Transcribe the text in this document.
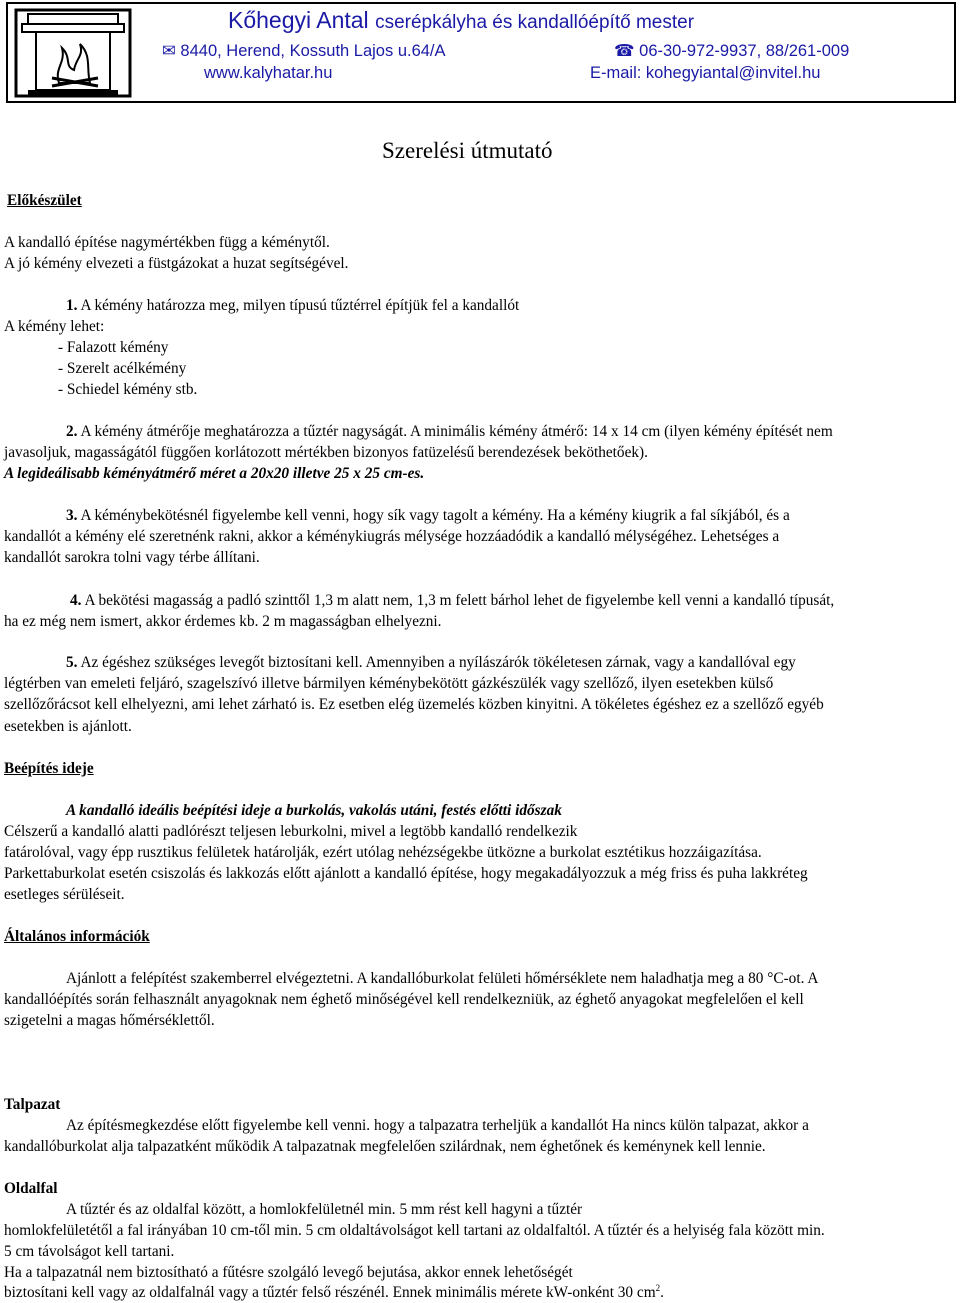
Kőhegyi Antal cserépkályha és kandallóépítő mester
✉ 8440, Herend, Kossuth Lajos u.64/A	☎ 06-30-972-9937, 88/261-009
www.kalyhatar.hu	E-mail: kohegyiantal@invitel.hu
Szerelési útmutató
Előkészület
A kandalló építése nagymértékben függ a kéménytől.
A jó kémény elvezeti a füstgázokat a huzat segítségével.
1. A kémény határozza meg, milyen típusú tűztérrel építjük fel a kandallót
A kémény lehet:
- Falazott kémény
- Szerelt acélkémény
- Schiedel kémény stb.
2. A kémény átmérője meghatározza a tűztér nagyságát. A minimális kémény átmérő: 14 x 14 cm (ilyen kémény építését nem
javasoljuk, magasságától függően korlátozott mértékben bizonyos fatüzelésű berendezések beköthetőek).
A legideálisabb kéményátmérő méret a 20x20 illetve 25 x 25 cm-es.
3. A kéménybekötésnél figyelembe kell venni, hogy sík vagy tagolt a kémény. Ha a kémény kiugrik a fal síkjából, és a
kandallót a kémény elé szeretnénk rakni, akkor a kéménykiugrás mélysége hozzáadódik a kandalló mélységéhez. Lehetséges a
kandallót sarokra tolni vagy térbe állítani.
4. A bekötési magasság a padló szinttől 1,3 m alatt nem, 1,3 m felett bárhol lehet de figyelembe kell venni a kandalló típusát,
ha ez még nem ismert, akkor érdemes kb. 2 m magasságban elhelyezni.
5. Az égéshez szükséges levegőt biztosítani kell. Amennyiben a nyílászárók tökéletesen zárnak, vagy a kandallóval egy
légtérben van emeleti feljáró, szagelszívó illetve bármilyen kéménybekötött gázkészülék vagy szellőző, ilyen esetekben külső
szellőzőrácsot kell elhelyezni, ami lehet zárható is. Ez esetben elég üzemelés közben kinyitni. A tökéletes égéshez ez a szellőző egyéb
esetekben is ajánlott.
Beépítés ideje
A kandalló ideális beépítési ideje a burkolás, vakolás utáni, festés előtti időszak
Célszerű a kandalló alatti padlórészt teljesen leburkolni, mivel a legtöbb kandalló rendelkezik
fatárolóval, vagy épp rusztikus felületek határolják, ezért utólag nehézségekbe ütközne a burkolat esztétikus hozzáigazítása.
Parkettaburkolat esetén csiszolás és lakkozás előtt ajánlott a kandalló építése, hogy megakadályozzuk a még friss és puha lakkréteg
esetleges sérüléseit.
Általános információk
Ajánlott a felépítést szakemberrel elvégeztetni. A kandallóburkolat felületi hőmérséklete nem haladhatja meg a 80 °C-ot. A
kandallóépítés során felhasznált anyagoknak nem éghető minőségével kell rendelkezniük, az éghető anyagokat megfelelően el kell
szigetelni a magas hőmérséklettől.
Talpazat
Az építésmegkezdése előtt figyelembe kell venni. hogy a talpazatra terheljük a kandallót Ha nincs külön talpazat, akkor a
kandallóburkolat alja talpazatként működik A talpazatnak megfelelően szilárdnak, nem éghetőnek és keménynek kell lennie.
Oldalfal
A tűztér és az oldalfal között, a homlokfelületnél min. 5 mm rést kell hagyni a tűztér
homlokfelületétől a fal irányában 10 cm-től min. 5 cm oldaltávolságot kell tartani az oldalfaltól. A tűztér és a helyiség fala között min.
5 cm távolságot kell tartani.
Ha a talpazatnál nem biztosítható a fűtésre szolgáló levegő bejutása, akkor ennek lehetőségét
biztosítani kell vagy az oldalfalnál vagy a tűztér felső részénél. Ennek minimális mérete kW-onként 30 $cm^2$.
